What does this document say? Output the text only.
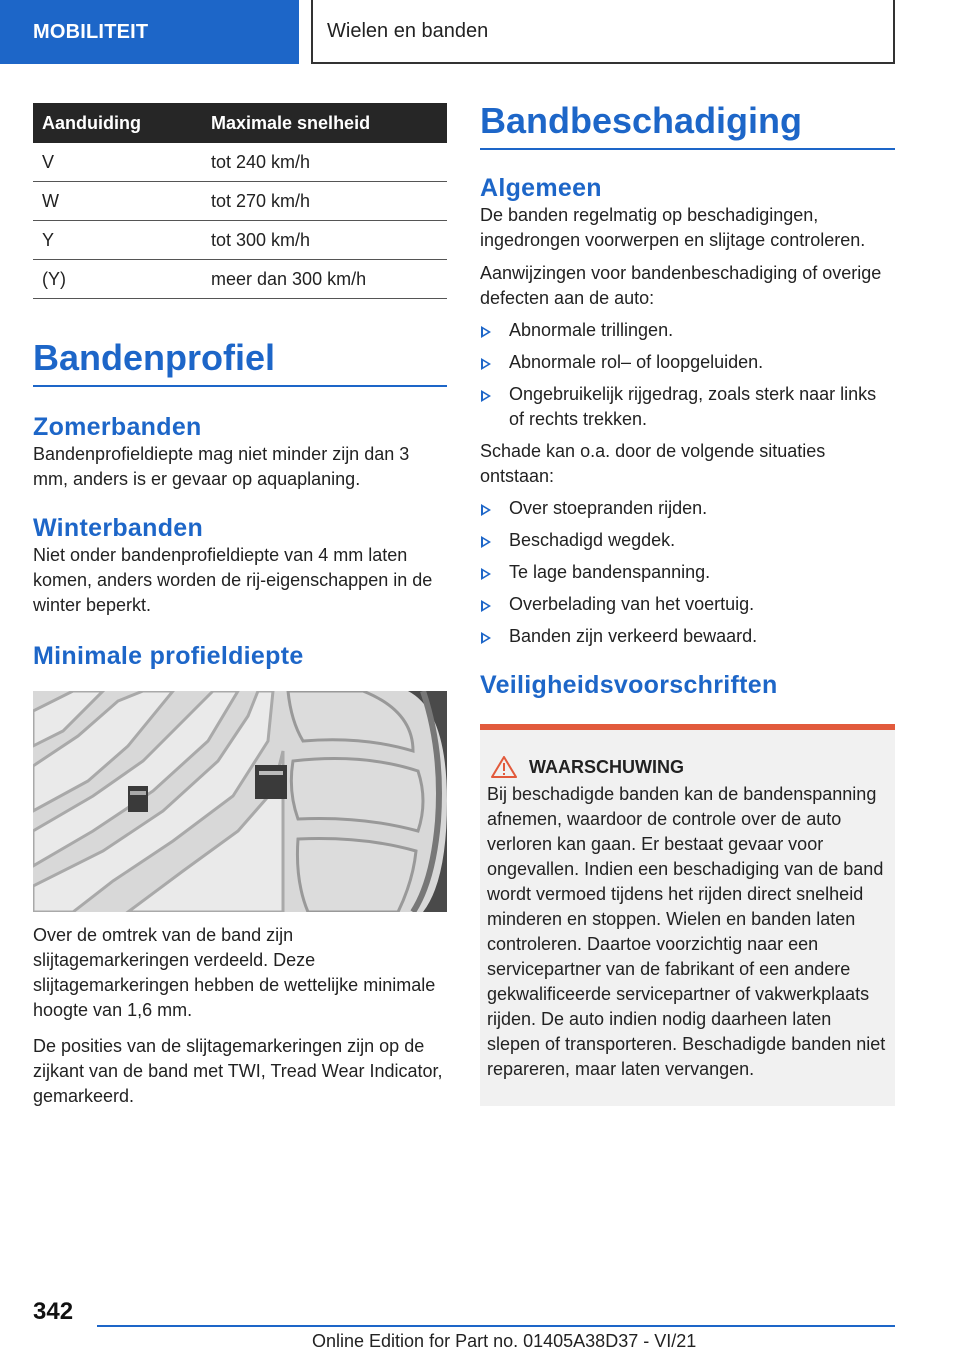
MOBILITEIT	Wielen en banden
Aanduiding	Maximale snelheid
V	tot 240 km/h
W	tot 270 km/h
Y	tot 300 km/h
(Y)	meer dan 300 km/h
Bandenprofiel
Zomerbanden

Bandenprofieldiepte mag niet minder zijn dan 3 mm, anders is er gevaar op aquaplaning.

Winterbanden

Niet onder bandenprofieldiepte van 4 mm laten komen, anders worden de rij-eigenschappen in de winter beperkt.

Minimale profieldiepte

Over de omtrek van de band zijn slijtagemarkeringen verdeeld. Deze slijtagemarkeringen hebben de wettelijke minimale hoogte van 1,6 mm.

De posities van de slijtagemarkeringen zijn op de zijkant van de band met TWI, Tread Wear Indicator, gemarkeerd.

Bandbeschadiging
Algemeen

De banden regelmatig op beschadigingen, ingedrongen voorwerpen en slijtage controleren.

Aanwijzingen voor bandenbeschadiging of overige defecten aan de auto:

Abnormale trillingen.
Abnormale rol– of loopgeluiden.
Ongebruikelijk rijgedrag, zoals sterk naar links of rechts trekken.

Schade kan o.a. door de volgende situaties ontstaan:

Over stoepranden rijden.
Beschadigd wegdek.
Te lage bandenspanning.
Overbelading van het voertuig.
Banden zijn verkeerd bewaard.
Veiligheidsvoorschriften
WAARSCHUWING

Bij beschadigde banden kan de bandenspanning afnemen, waardoor de controle over de auto verloren kan gaan. Er bestaat gevaar voor ongevallen. Indien een beschadiging van de band wordt vermoed tijdens het rijden direct snelheid minderen en stoppen. Wielen en banden laten controleren. Daartoe voorzichtig naar een servicepartner van de fabrikant of een andere gekwalificeerde servicepartner of vakwerkplaats rijden. De auto indien nodig daarheen laten slepen of transporteren. Beschadigde banden niet repareren, maar laten vervangen.

342
Online Edition for Part no. 01405A38D37 - VI/21
